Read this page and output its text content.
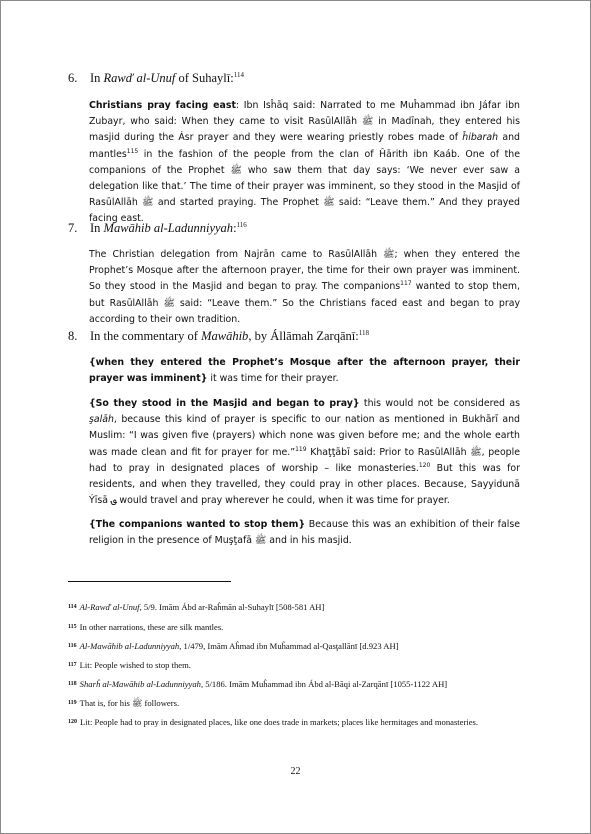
6. In Rawď al-Unuf of Suhaylī:$^{114}$
Christians pray facing east: Ibn Isĥāq said: Narrated to me Muĥammad ibn Jáfar ibn Zubayr, who said: When they came to visit RasūlAllāh ﷺ in Madīnah, they entered his masjid during the Ásr prayer and they were wearing priestly robes made of ĥibarah and mantles$^{115}$ in the fashion of the people from the clan of Ĥārith ibn Kaáb. One of the companions of the Prophet ﷺ who saw them that day says: ‘We never ever saw a delegation like that.’ The time of their prayer was imminent, so they stood in the Masjid of RasūlAllāh ﷺ and started praying. The Prophet ﷺ said: “Leave them.” And they prayed facing east.
7. In Mawāhib al-Ladunniyyah:$^{116}$
The Christian delegation from Najrān came to RasūlAllāh ﷺ; when they entered the Prophet’s Mosque after the afternoon prayer, the time for their own prayer was imminent. So they stood in the Masjid and began to pray. The companions$^{117}$ wanted to stop them, but RasūlAllāh ﷺ said: “Leave them.” So the Christians faced east and began to pray according to their own tradition.
8. In the commentary of Mawāhib, by Állāmah Zarqānī:$^{118}$
{when they entered the Prophet’s Mosque after the afternoon prayer, their prayer was imminent} it was time for their prayer.
{So they stood in the Masjid and began to pray} this would not be considered as şalāh, because this kind of prayer is specific to our nation as mentioned in Bukhārī and Muslim: “I was given five (prayers) which none was given before me; and the whole earth was made clean and fit for prayer for me.”$^{119}$ Khaţţābī said: Prior to RasūlAllāh ﷺ, people had to pray in designated places of worship – like monasteries.$^{120}$ But this was for residents, and when they travelled, they could pray in other places. Because, Sayyidunā Ýīsā ؈ would travel and pray wherever he could, when it was time for prayer.
{The companions wanted to stop them} Because this was an exhibition of their false religion in the presence of Muşţafā ﷺ and in his masjid.
$^{114}$ Al-Rawď al-Unuf, 5/9. Imām Ábd ar-Raĥmān al-Suhaylī [508-581 AH]
$^{115}$ In other narrations, these are silk mantles.
$^{116}$ Al-Mawāhib al-Ladunniyyah, 1/479, Imām Aĥmad ibn Muĥammad al-Qasţallānī [d.923 AH]
$^{117}$ Lit: People wished to stop them.
$^{118}$ Sharĥ al-Mawāhib al-Ladunniyyah, 5/186. Imām Muĥammad ibn Ábd al-Bāqi al-Zarqānī [1055-1122 AH]
$^{119}$ That is, for his ﷺ followers.
$^{120}$ Lit: People had to pray in designated places, like one does trade in markets; places like hermitages and monasteries.
22
